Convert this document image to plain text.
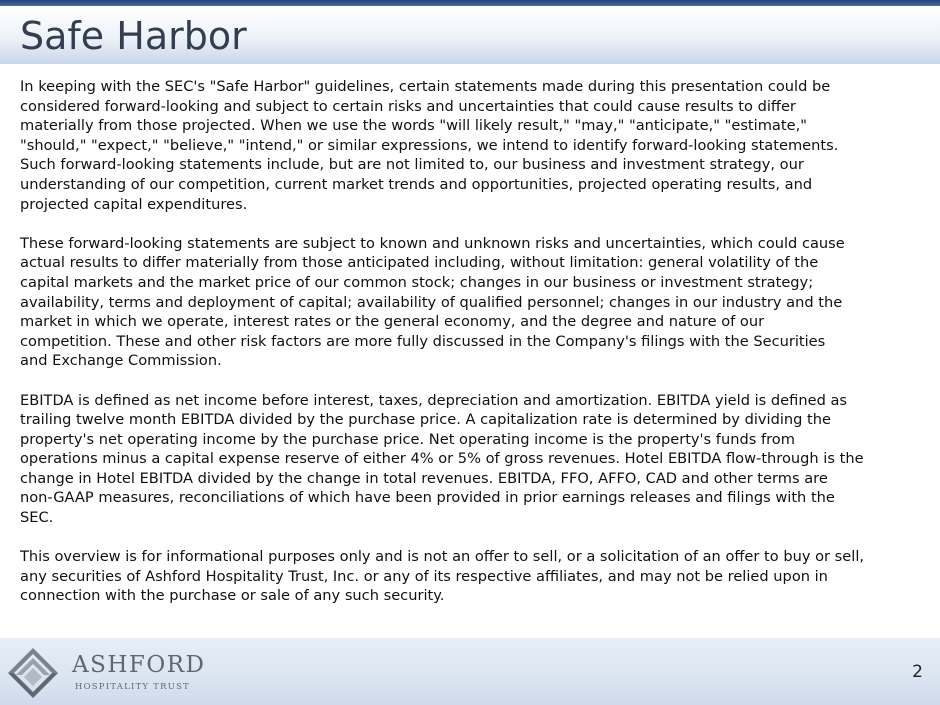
Safe Harbor

In keeping with the SEC's "Safe Harbor" guidelines, certain statements made during this presentation could be
considered forward-looking and subject to certain risks and uncertainties that could cause results to differ
materially from those projected. When we use the words "will likely result," "may," "anticipate," "estimate,"
"should," "expect," "believe," "intend," or similar expressions, we intend to identify forward-looking statements.
Such forward-looking statements include, but are not limited to, our business and investment strategy, our
understanding of our competition, current market trends and opportunities, projected operating results, and
projected capital expenditures.

These forward-looking statements are subject to known and unknown risks and uncertainties, which could cause
actual results to differ materially from those anticipated including, without limitation: general volatility of the
capital markets and the market price of our common stock; changes in our business or investment strategy;
availability, terms and deployment of capital; availability of qualified personnel; changes in our industry and the
market in which we operate, interest rates or the general economy, and the degree and nature of our
competition. These and other risk factors are more fully discussed in the Company's filings with the Securities
and Exchange Commission.

EBITDA is defined as net income before interest, taxes, depreciation and amortization. EBITDA yield is defined as
trailing twelve month EBITDA divided by the purchase price. A capitalization rate is determined by dividing the
property's net operating income by the purchase price. Net operating income is the property's funds from
operations minus a capital expense reserve of either 4% or 5% of gross revenues. Hotel EBITDA flow-through is the
change in Hotel EBITDA divided by the change in total revenues. EBITDA, FFO, AFFO, CAD and other terms are
non-GAAP measures, reconciliations of which have been provided in prior earnings releases and filings with the
SEC.

This overview is for informational purposes only and is not an offer to sell, or a solicitation of an offer to buy or sell,
any securities of Ashford Hospitality Trust, Inc. or any of its respective affiliates, and may not be relied upon in
connection with the purchase or sale of any such security.

ASHFORD
HOSPITALITY TRUST
2
